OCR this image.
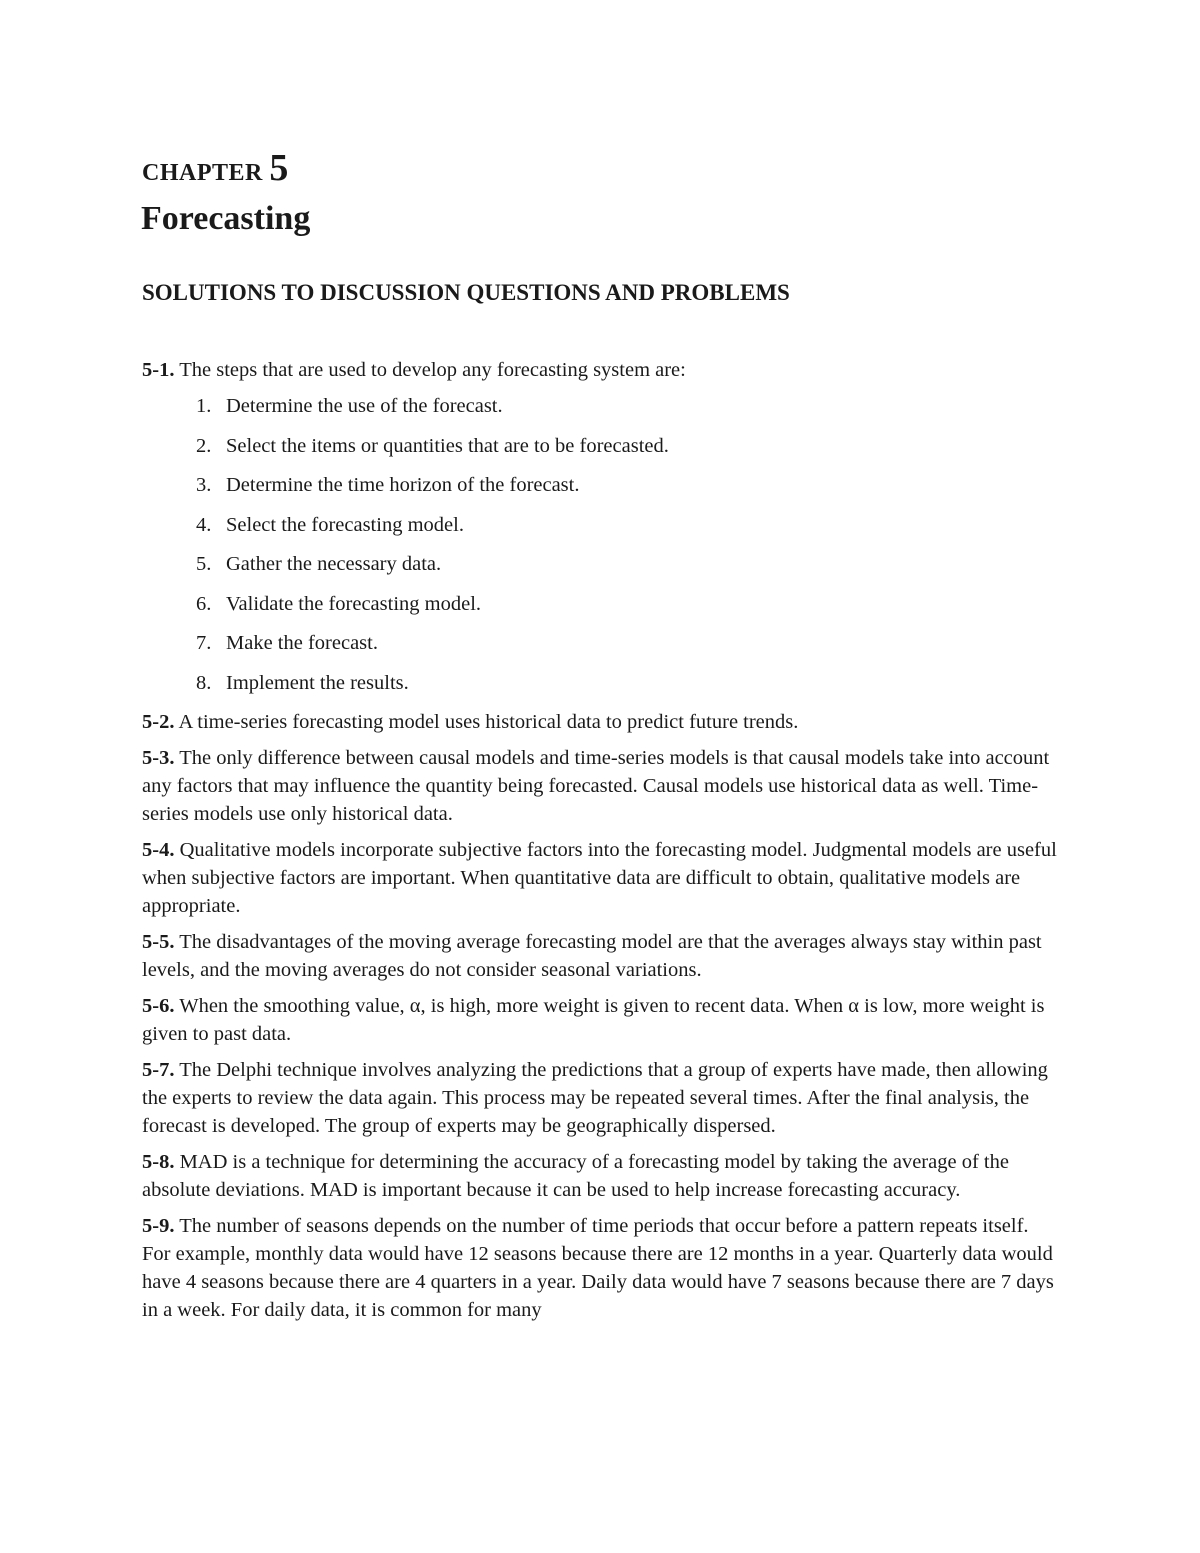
CHAPTER 5
Forecasting
SOLUTIONS TO DISCUSSION QUESTIONS AND PROBLEMS

5-1. The steps that are used to develop any forecasting system are:

1. Determine the use of the forecast.
2. Select the items or quantities that are to be forecasted.
3. Determine the time horizon of the forecast.
4. Select the forecasting model.
5. Gather the necessary data.
6. Validate the forecasting model.
7. Make the forecast.
8. Implement the results.

5-2. A time-series forecasting model uses historical data to predict future trends.

5-3. The only difference between causal models and time-series models is that causal models take into account any factors that may influence the quantity being forecasted. Causal models use historical data as well. Time-series models use only historical data.

5-4. Qualitative models incorporate subjective factors into the forecasting model. Judgmental models are useful when subjective factors are important. When quantitative data are difficult to obtain, qualitative models are appropriate.

5-5. The disadvantages of the moving average forecasting model are that the averages always stay within past levels, and the moving averages do not consider seasonal variations.

5-6. When the smoothing value, α, is high, more weight is given to recent data. When α is low, more weight is given to past data.

5-7. The Delphi technique involves analyzing the predictions that a group of experts have made, then allowing the experts to review the data again. This process may be repeated several times. After the final analysis, the forecast is developed. The group of experts may be geographically dispersed.

5-8. MAD is a technique for determining the accuracy of a forecasting model by taking the average of the absolute deviations. MAD is important because it can be used to help increase forecasting accuracy.

5-9. The number of seasons depends on the number of time periods that occur before a pattern repeats itself. For example, monthly data would have 12 seasons because there are 12 months in a year. Quarterly data would have 4 seasons because there are 4 quarters in a year. Daily data would have 7 seasons because there are 7 days in a week. For daily data, it is common for many
